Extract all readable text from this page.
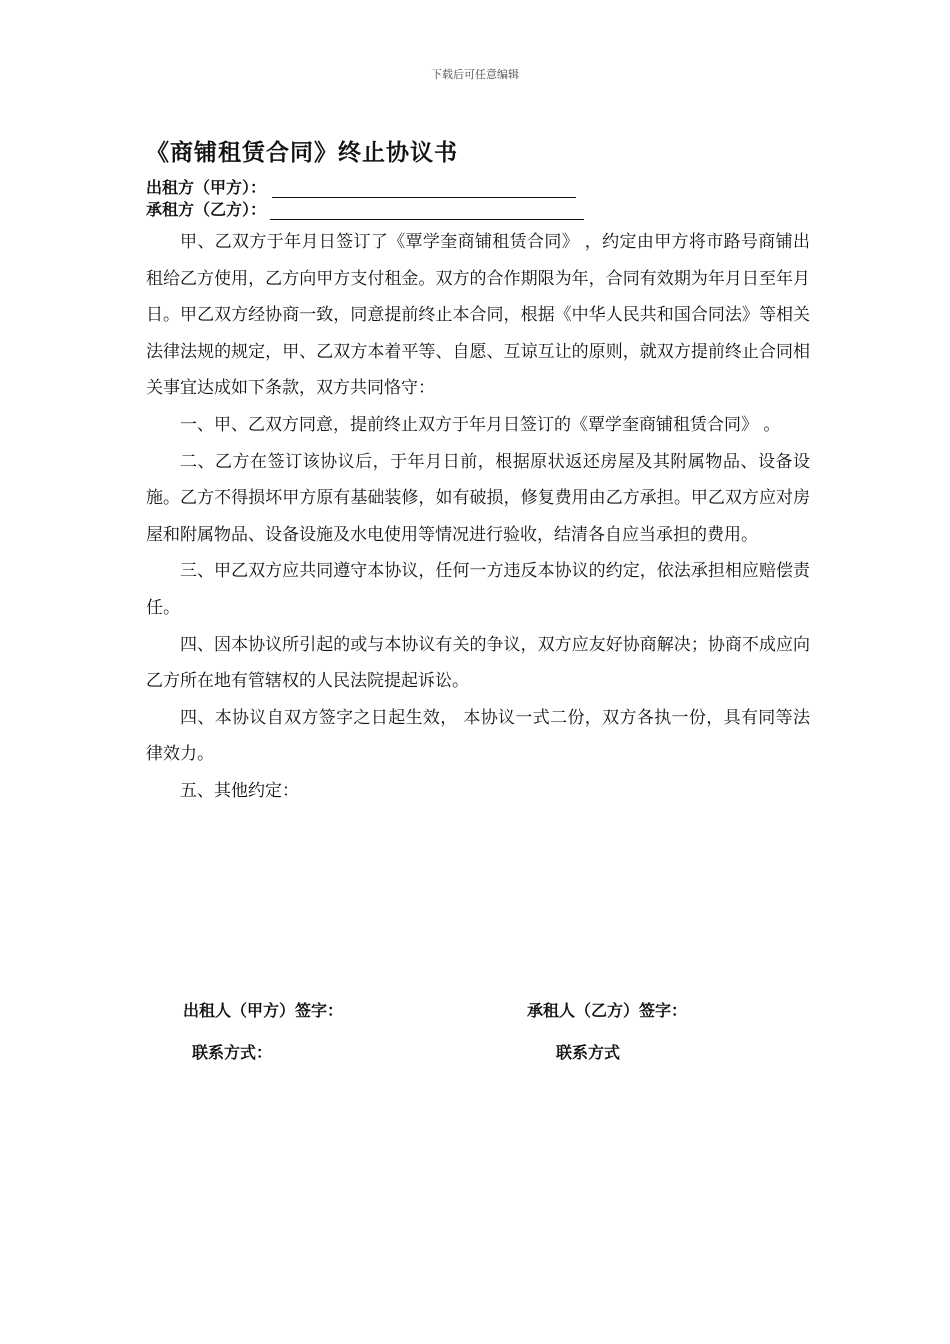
下载后可任意编辑
《商铺租赁合同》终止协议书
出租方（甲方）：
承租方（乙方）：

甲、乙双方于年月日签订了《覃学奎商铺租赁合同》 ，约定由甲方将市路号商铺出租给乙方使用，乙方向甲方支付租金。双方的合作期限为年，合同有效期为年月日至年月日。甲乙双方经协商一致，同意提前终止本合同，根据《中华人民共和国合同法》等相关法律法规的规定，甲、乙双方本着平等、自愿、互谅互让的原则，就双方提前终止合同相关事宜达成如下条款，双方共同恪守：

一、甲、乙双方同意，提前终止双方于年月日签订的《覃学奎商铺租赁合同》 。

二、乙方在签订该协议后，于年月日前，根据原状返还房屋及其附属物品、设备设施。乙方不得损坏甲方原有基础装修，如有破损，修复费用由乙方承担。甲乙双方应对房屋和附属物品、设备设施及水电使用等情况进行验收，结清各自应当承担的费用。

三、甲乙双方应共同遵守本协议，任何一方违反本协议的约定，依法承担相应赔偿责任。

四、因本协议所引起的或与本协议有关的争议，双方应友好协商解决；协商不成应向乙方所在地有管辖权的人民法院提起诉讼。

四、本协议自双方签字之日起生效， 本协议一式二份，双方各执一份，具有同等法律效力。

五、其他约定：

出租人（甲方）签字：	承租人（乙方）签字：
联系方式：	联系方式
